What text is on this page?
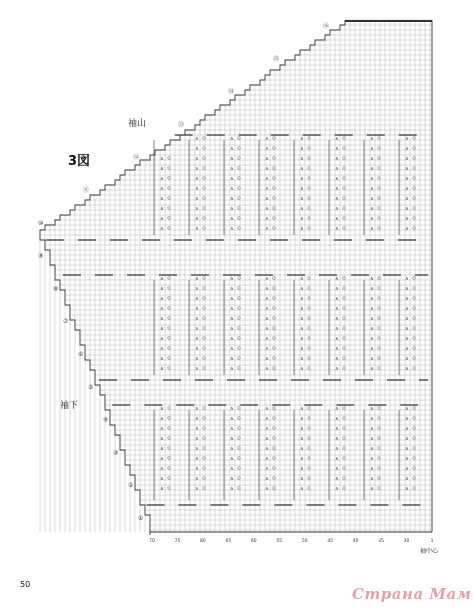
∧
∧
∧
∧
∧
∧
∧
∧
∧
∧
∧
∧
∧
∧
∧
∧
∧
∧
∧
∧
∧
∧
∧
∧
∧
∧
∧
∧
∧
∧
∧
∧
∧
∧
∧
∧
∧
∧
∧
∧
∧
∧
∧
∧
∧
∧
∧
∧
∧
∧
∧
∧
∧
∧
∧
∧
∧
∧
∧
∧
∧
∧
∧
∧
∧
∧
∧
∧
∧
∧
∧
∧
∧
∧
∧
∧
∧
∧
∧
∧
∧
∧
∧
∧
∧
∧
∧
∧
∧
∧
∧
∧
∧
∧
∧
∧
∧
∧
∧
∧
∧
∧
∧
∧
∧
∧
∧
∧
∧
∧
∧
∧
∧
∧
∧
∧
∧
∧
∧
∧
∧
∧
∧
∧
∧
∧
∧
∧
∧
∧
∧
∧
∧
∧
∧
∧
∧
∧
∧
∧
∧
∧
∧
∧
∧
∧
∧
∧
∧
∧
∧
∧
∧
∧
∧
∧
∧
∧
∧
∧
∧
∧
∧
∧
∧
∧
∧
∧
∧
∧
∧
∧
∧
∧
∧
∧
∧
∧
∧
∧
∧
∧
∧
∧
∧
∧
∧
∧
∧
∧
∧
∧
∧
∧
∧
∧
∧
∧
∧
∧
∧
∧
∧
∧
∧
∧
∧
∧
∧
∧
∧
∧
∧
∧
∧
∧
∧
∧
∧
∧
∧
∧
∧
∧
∧
∧
∧
∧
∧
∧
⑯
⑮
⑭
⑬
⑫
⑪
⑩
⑨
⑧
⑦
⑥
⑤
④
③
②
①
70	75	80	65	60	55	50	45	40	35	30	1
3図
袖山
袖下
袖中心
50
Страна Мам
